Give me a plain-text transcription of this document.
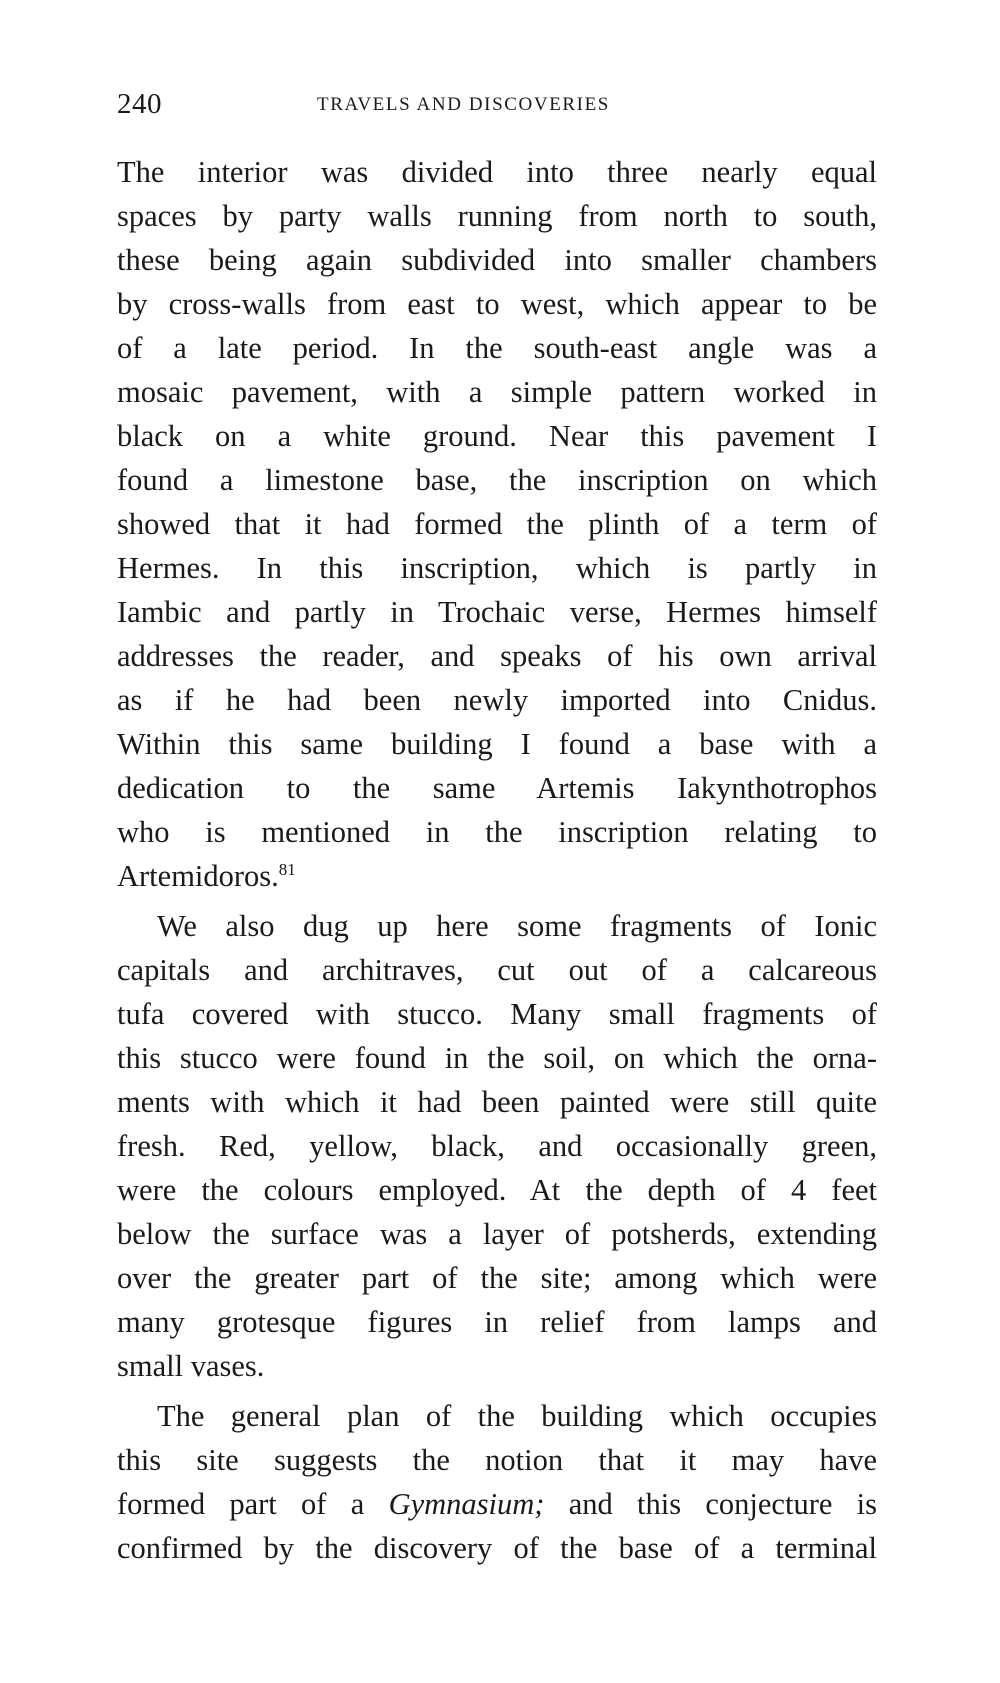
240	TRAVELS AND DISCOVERIES
The interior was divided into three nearly equal
spaces by party walls running from north to south,
these being again subdivided into smaller chambers
by cross-walls from east to west, which appear to be
of a late period. In the south-east angle was a
mosaic pavement, with a simple pattern worked in
black on a white ground. Near this pavement I
found a limestone base, the inscription on which
showed that it had formed the plinth of a term of
Hermes. In this inscription, which is partly in
Iambic and partly in Trochaic verse, Hermes himself
addresses the reader, and speaks of his own arrival
as if he had been newly imported into Cnidus.
Within this same building I found a base with a
dedication to the same Artemis Iakynthotrophos
who is mentioned in the inscription relating to
Artemidoros.$^{81}$
We also dug up here some fragments of Ionic
capitals and architraves, cut out of a calcareous
tufa covered with stucco. Many small fragments of
this stucco were found in the soil, on which the orna-
ments with which it had been painted were still quite
fresh. Red, yellow, black, and occasionally green,
were the colours employed. At the depth of 4 feet
below the surface was a layer of potsherds, extending
over the greater part of the site; among which were
many grotesque figures in relief from lamps and
small vases.
The general plan of the building which occupies
this site suggests the notion that it may have
formed part of a Gymnasium; and this conjecture is
confirmed by the discovery of the base of a terminal
